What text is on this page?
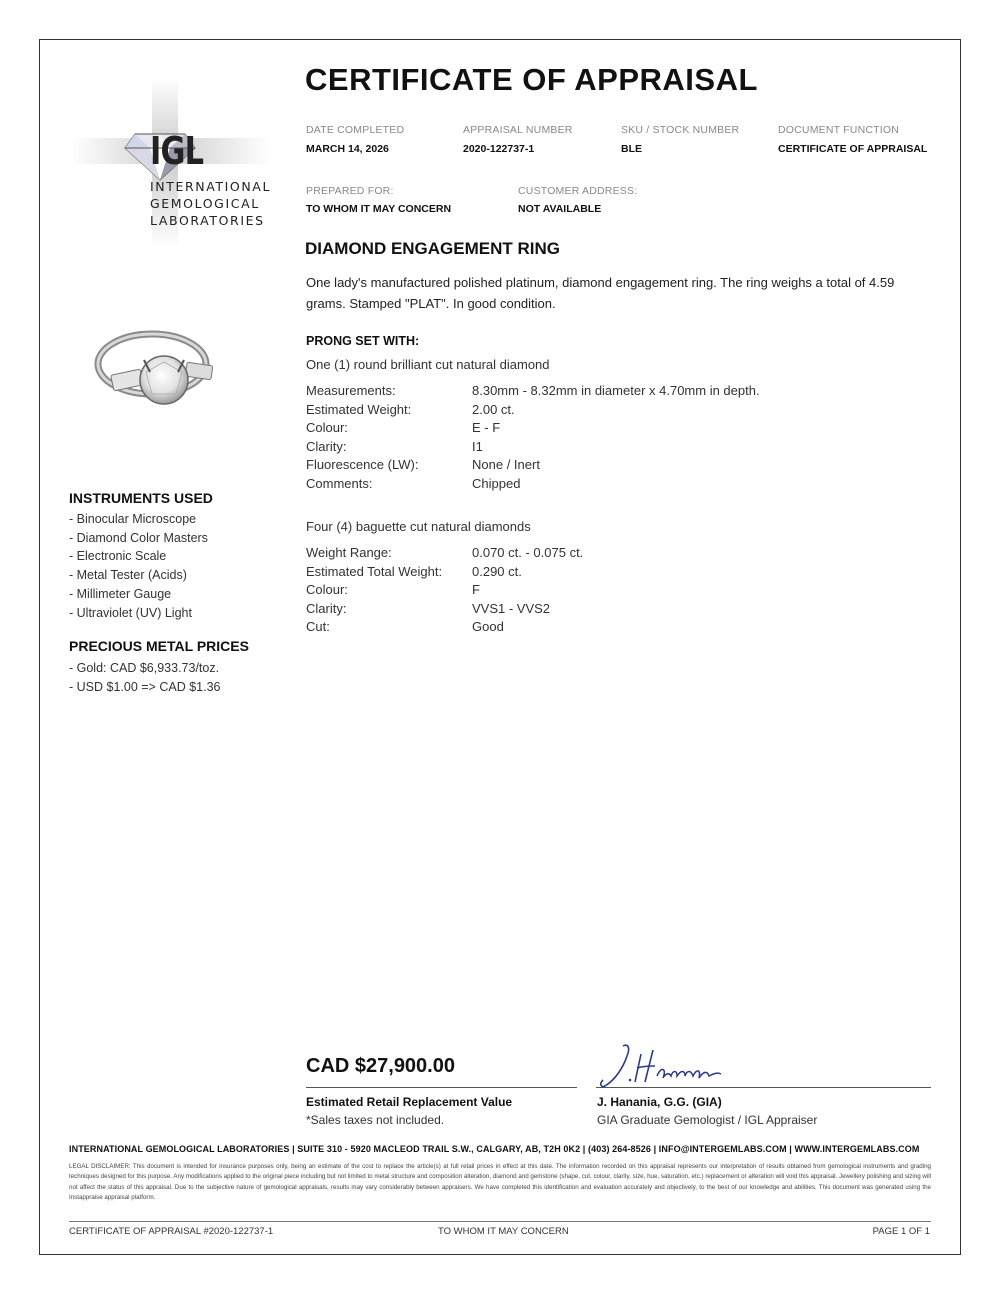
IGL
INTERNATIONAL
GEMOLOGICAL
LABORATORIES
INSTRUMENTS USED
- Binocular Microscope
- Diamond Color Masters
- Electronic Scale
- Metal Tester (Acids)
- Millimeter Gauge
- Ultraviolet (UV) Light
PRECIOUS METAL PRICES
- Gold: CAD $6,933.73/toz.
- USD $1.00 => CAD $1.36
CERTIFICATE OF APPRAISAL
DATE COMPLETED
MARCH 14, 2026
APPRAISAL NUMBER
2020-122737-1
SKU / STOCK NUMBER
BLE
DOCUMENT FUNCTION
CERTIFICATE OF APPRAISAL
PREPARED FOR:
TO WHOM IT MAY CONCERN
CUSTOMER ADDRESS:
NOT AVAILABLE
DIAMOND ENGAGEMENT RING
One lady's manufactured polished platinum, diamond engagement ring. The ring weighs a total of 4.59 grams. Stamped "PLAT". In good condition.
PRONG SET WITH:
One (1) round brilliant cut natural diamond
Measurements:	8.30mm - 8.32mm in diameter x 4.70mm in depth.
Estimated Weight:	2.00 ct.
Colour:	E - F
Clarity:	I1
Fluorescence (LW):	None / Inert
Comments:	Chipped
Four (4) baguette cut natural diamonds
Weight Range:	0.070 ct. - 0.075 ct.
Estimated Total Weight:	0.290 ct.
Colour:	F
Clarity:	VVS1 - VVS2
Cut:	Good
CAD $27,900.00
Estimated Retail Replacement Value
*Sales taxes not included.
J. Hanania, G.G. (GIA)
GIA Graduate Gemologist / IGL Appraiser
INTERNATIONAL GEMOLOGICAL LABORATORIES | SUITE 310 - 5920 MACLEOD TRAIL S.W., CALGARY, AB, T2H 0K2 | (403) 264-8526 | INFO@INTERGEMLABS.COM | WWW.INTERGEMLABS.COM
LEGAL DISCLAIMER: This document is intended for insurance purposes only, being an estimate of the cost to replace the article(s) at full retail prices in effect at this date. The information recorded on this appraisal represents our interpretation of results obtained from gemological instruments and grading techniques designed for this purpose. Any modifications applied to the original piece including but not limited to metal structure and composition alteration, diamond and gemstone (shape, cut, colour, clarity, size, hue, saturation, etc.) replacement or alteration will void this appraisal. Jewellery polishing and sizing will not affect the status of this appraisal. Due to the subjective nature of gemological appraisals, results may vary considerably between appraisers. We have completed this identification and evaluation accurately and objectively, to the best of our knowledge and abilities. This document was generated using the Instappraise appraisal platform.
CERTIFICATE OF APPRAISAL #2020-122737-1	TO WHOM IT MAY CONCERN	PAGE 1 OF 1
